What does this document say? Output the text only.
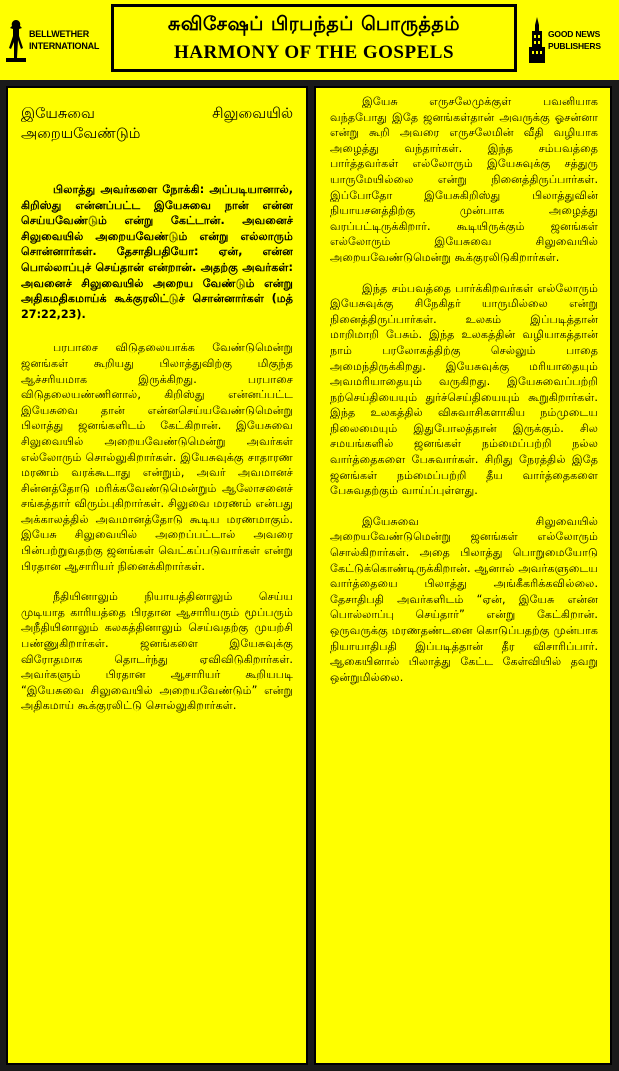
BELLWETHER
INTERNATIONAL
சுவிசேஷப் பிரபந்தப் பொருத்தம்
HARMONY OF THE GOSPELS
GOOD NEWS
PUBLISHERS
இயேசுவை சிலுவையில் அறையவேண்டும்

பிலாத்து அவர்களை நோக்கி: அப்படியானால், கிறிஸ்து என்னப்பட்ட இயேசுவை நான் என்ன செய்யவேண்டும் என்று கேட்டான். அவனைச் சிலுவையில் அறையவேண்டும் என்று எல்லாரும் சொன்னார்கள். தேசாதிபதியோ: ஏன், என்ன பொல்லாப்புச் செய்தான் என்றான். அதற்கு அவர்கள்: அவனைச் சிலுவையில் அறைய வேண்டும் என்று அதிகமதிகமாய்க் கூக்குரலிட்டுச் சொன்னார்கள் (மத் 27:22,23).

பரபாசை விடுதலையாக்க வேண்டுமென்று ஜனங்கள் கூறியது பிலாத்துவிற்கு மிகுந்த ஆச்சரியமாக இருக்கிறது. பரபாசை விடுதலையண்ணினால், கிறிஸ்து என்னப்பட்ட இயேசுவை தான் என்னசெய்யவேண்டுமென்று பிலாத்து ஜனங்களிடம் கேட்கிறான். இயேசுவை சிலுவையில் அறையவேண்டுமென்று அவர்கள் எல்லோரும் சொல்லுகிறார்கள். இயேசுவுக்கு சாதாரண மரணம் வரக்கூடாது என்றும், அவர் அவமானச் சின்னத்தோடு மரிக்கவேண்டுமென்றும் ஆலோசனைச் சங்கத்தார் விரும்புகிறார்கள். சிலுவை மரணம் என்பது அக்காலத்தில் அவமானத்தோடு கூடிய மரணமாகும். இயேசு சிலுவையில் அறைப்பட்டால் அவரை பின்பற்றுவதற்கு ஜனங்கள் வெட்கப்படுவார்கள் என்று பிரதான ஆசாரியர் நினைக்கிறார்கள்.

நீதியினாலும் நியாயத்தினாலும் செய்ய முடியாத காரியத்தை பிரதான ஆசாரியரும் மூப்பரும் அநீதியினாலும் கலகத்தினாலும் செய்வதற்கு முயற்சி பண்ணுகிறார்கள். ஜனங்களை இயேசுவுக்கு விரோதமாக தொடர்ந்து ஏவிவிடுகிறார்கள். அவர்களும் பிரதான ஆசாரியர் கூறியபடி “இயேசுவை சிலுவையில் அறையவேண்டும்” என்று அதிகமாய் கூக்குரலிட்டு சொல்லுகிறார்கள்.

இயேசு எருசலேமுக்குள் பவனியாக வந்தபோது இதே ஜனங்கள்தான் அவருக்கு ஓசன்னா என்று கூறி அவரை எருசலேமின் வீதி வழியாக அழைத்து வந்தார்கள். இந்த சம்பவத்தை பார்த்தவர்கள் எல்லோரும் இயேசுவுக்கு சத்துரு யாருமேயில்லை என்று நினைத்திருப்பார்கள். இப்போதோ இயேசுகிறிஸ்து பிலாத்துவின் நியாயசனத்திற்கு முன்பாக அழைத்து வரப்பட்டிருக்கிறார். கூடியிருக்கும் ஜனங்கள் எல்லோரும் இயேசுவை சிலுவையில் அறையவேண்டுமென்று கூக்குரலிடுகிறார்கள்.

இந்த சம்பவத்தை பார்க்கிறவர்கள் எல்லோரும் இயேசுவுக்கு சிநேகிதர் யாருமில்லை என்று நினைத்திருப்பார்கள். உலகம் இப்படித்தான் மாறிமாறி பேசும். இந்த உலகத்தின் வழியாகத்தான் நாம் பரலோகத்திற்கு செல்லும் பாதை அமைந்திருக்கிறது. இயேசுவுக்கு மரியாதையும் அவமரியாதையும் வருகிறது. இயேசுவைப்பற்றி நற்செய்தியையும் துர்ச்செய்தியையும் கூறுகிறார்கள். இந்த உலகத்தில் விசுவாசிகளாகிய நம்முடைய நிலைமையும் இதுபோலத்தான் இருக்கும். சில சமயங்களில் ஜனங்கள் நம்மைப்பற்றி நல்ல வார்த்தைகளை பேசுவார்கள். சிறிது நேரத்தில் இதே ஜனங்கள் நம்மைப்பற்றி தீய வார்த்தைகளை பேசுவதற்கும் வாய்ப்புள்ளது.

இயேசுவை சிலுவையில் அறையவேண்டுமென்று ஜனங்கள் எல்லோரும் சொல்கிறார்கள். அதை பிலாத்து பொறுமையோடு கேட்டுக்கொண்டிருக்கிறான். ஆனால் அவர்களுடைய வார்த்தையை பிலாத்து அங்கீகரிக்கவில்லை. தேசாதிபதி அவர்களிடம் “ஏன், இயேசு என்ன பொல்லாப்பு செய்தார்” என்று கேட்கிறான். ஒருவருக்கு மரணதண்டனை கொடுப்பதற்கு முன்பாக நியாயாதிபதி இப்படித்தான் தீர விசாரிப்பார். ஆகையினால் பிலாத்து கேட்ட கேள்வியில் தவறு ஒன்றுமில்லை.
